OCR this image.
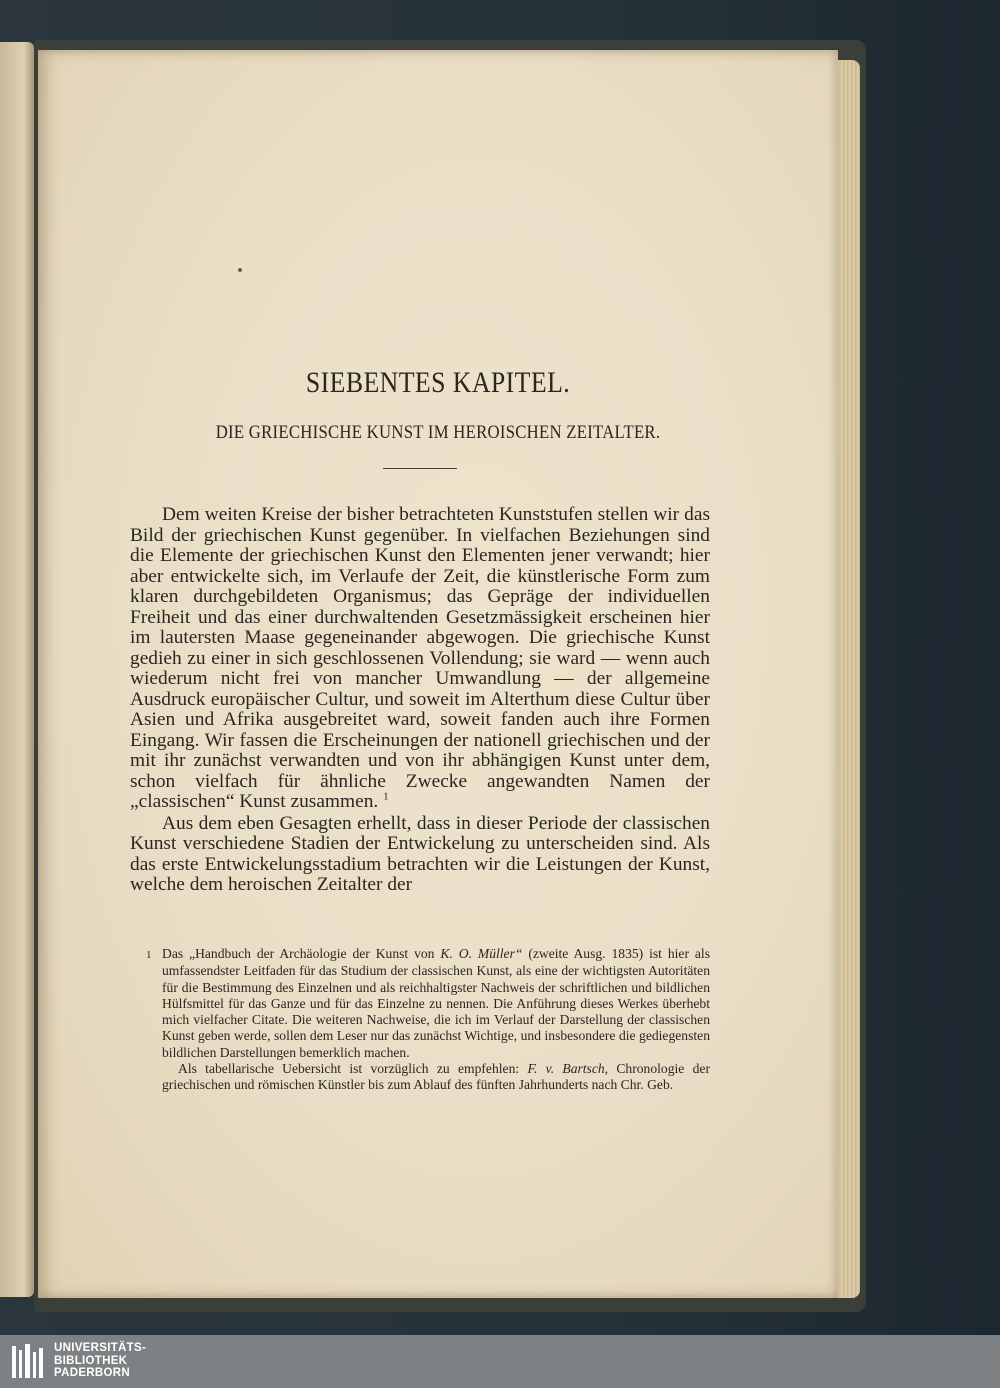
SIEBENTES KAPITEL.
DIE GRIECHISCHE KUNST IM HEROISCHEN ZEITALTER.

Dem weiten Kreise der bisher betrachteten Kunststufen stellen wir das Bild der griechischen Kunst gegenüber. In vielfachen Beziehungen sind die Elemente der griechischen Kunst den Elementen jener verwandt; hier aber entwickelte sich, im Verlaufe der Zeit, die künstlerische Form zum klaren durchgebildeten Organismus; das Gepräge der individuellen Freiheit und das einer durchwaltenden Gesetzmässigkeit erscheinen hier im lautersten Maase gegeneinander abgewogen. Die griechische Kunst gedieh zu einer in sich geschlossenen Vollendung; sie ward — wenn auch wiederum nicht frei von mancher Umwandlung — der allgemeine Ausdruck europäischer Cultur, und soweit im Alterthum diese Cultur über Asien und Afrika ausgebreitet ward, soweit fanden auch ihre Formen Eingang. Wir fassen die Erscheinungen der nationell griechischen und der mit ihr zunächst verwandten und von ihr abhängigen Kunst unter dem, schon vielfach für ähnliche Zwecke angewandten Namen der „classischen“ Kunst zusammen. $^1$

Aus dem eben Gesagten erhellt, dass in dieser Periode der classischen Kunst verschiedene Stadien der Entwickelung zu unterscheiden sind. Als das erste Entwickelungsstadium betrachten wir die Leistungen der Kunst, welche dem heroischen Zeitalter der

1 Das „Handbuch der Archäologie der Kunst von K. O. Müller“ (zweite Ausg. 1835) ist hier als umfassendster Leitfaden für das Studium der classischen Kunst, als eine der wichtigsten Autoritäten für die Bestimmung des Einzelnen und als reichhaltigster Nachweis der schriftlichen und bildlichen Hülfsmittel für das Ganze und für das Einzelne zu nennen. Die Anführung dieses Werkes überhebt mich vielfacher Citate. Die weiteren Nachweise, die ich im Verlauf der Darstellung der classischen Kunst geben werde, sollen dem Leser nur das zunächst Wichtige, und insbesondere die gediegensten bildlichen Darstellungen bemerklich machen.

Als tabellarische Uebersicht ist vorzüglich zu empfehlen: F. v. Bartsch, Chronologie der griechischen und römischen Künstler bis zum Ablauf des fünften Jahrhunderts nach Chr. Geb.

UNIVERSITÄTS-
BIBLIOTHEK
PADERBORN
